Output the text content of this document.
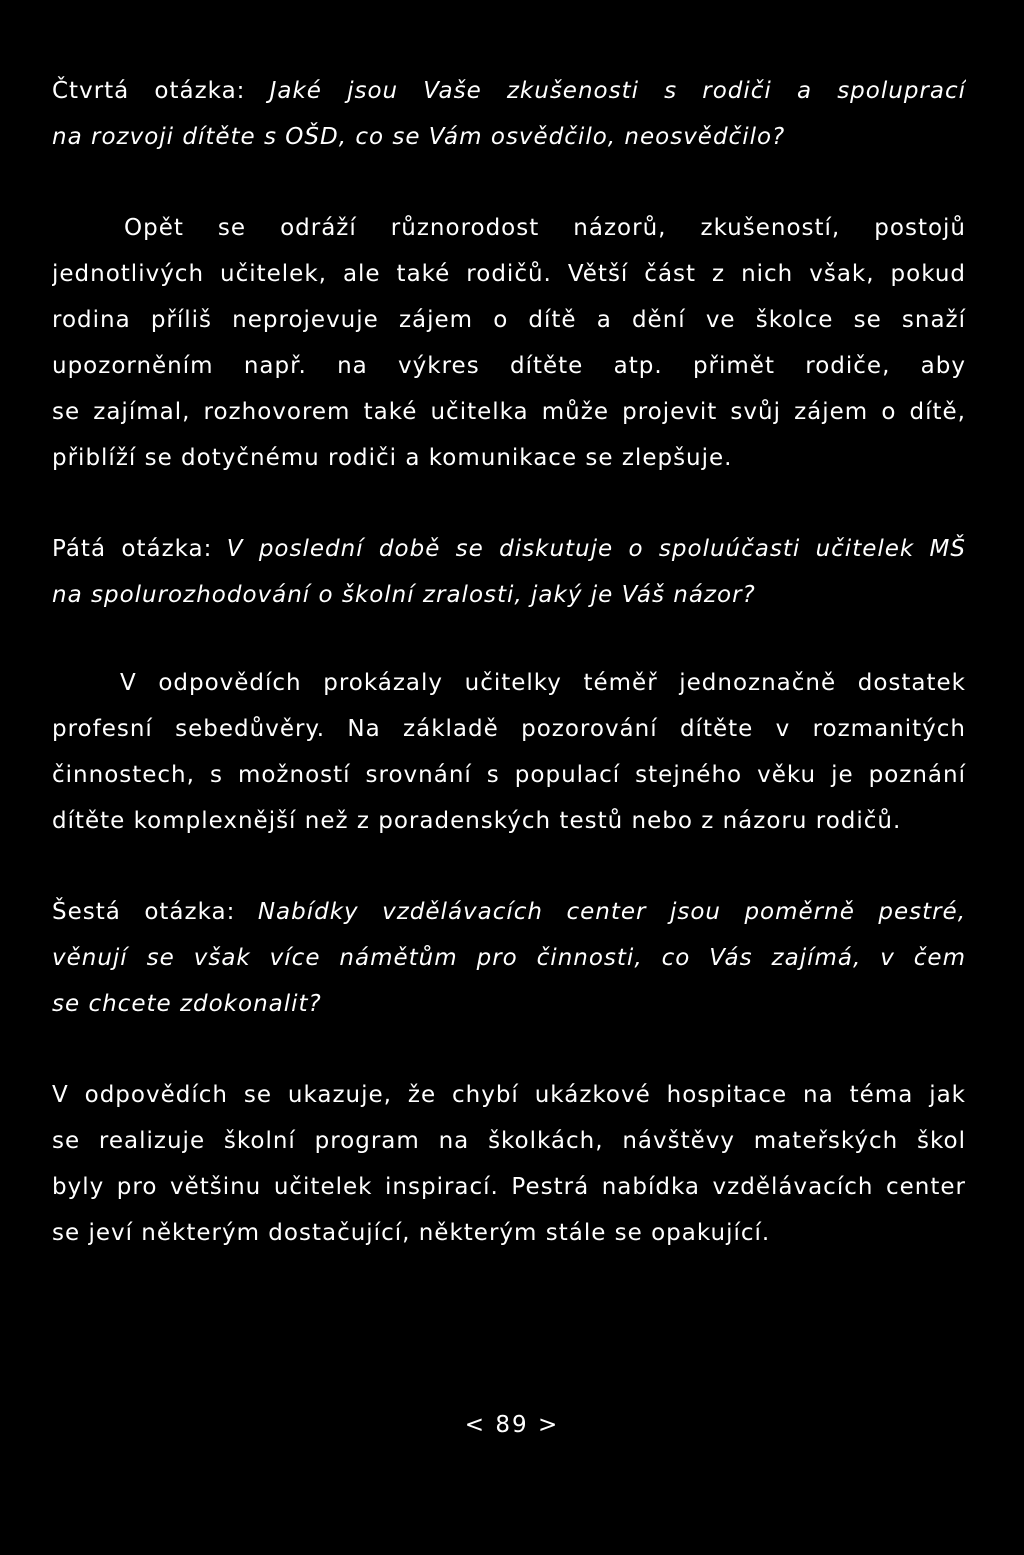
Čtvrtá otázka: Jaké jsou Vaše zkušenosti s rodiči a spoluprací
na rozvoji dítěte s OŠD, co se Vám osvědčilo, neosvědčilo?
Opět se odráží různorodost názorů, zkušeností, postojů
jednotlivých učitelek, ale také rodičů. Větší část z nich však, pokud
rodina příliš neprojevuje zájem o dítě a dění ve školce se snaží
upozorněním např. na výkres dítěte atp. přimět rodiče, aby
se zajímal, rozhovorem také učitelka může projevit svůj zájem o dítě,
přiblíží se dotyčnému rodiči a komunikace se zlepšuje.
Pátá otázka: V poslední době se diskutuje o spoluúčasti učitelek MŠ
na spolurozhodování o školní zralosti, jaký je Váš názor?
V odpovědích prokázaly učitelky téměř jednoznačně dostatek
profesní sebedůvěry. Na základě pozorování dítěte v rozmanitých
činnostech, s možností srovnání s populací stejného věku je poznání
dítěte komplexnější než z poradenských testů nebo z názoru rodičů.
Šestá otázka: Nabídky vzdělávacích center jsou poměrně pestré,
věnují se však více námětům pro činnosti, co Vás zajímá, v čem
se chcete zdokonalit?
V odpovědích se ukazuje, že chybí ukázkové hospitace na téma jak
se realizuje školní program na školkách, návštěvy mateřských škol
byly pro většinu učitelek inspirací. Pestrá nabídka vzdělávacích center
se jeví některým dostačující, některým stále se opakující.
< 89 >
